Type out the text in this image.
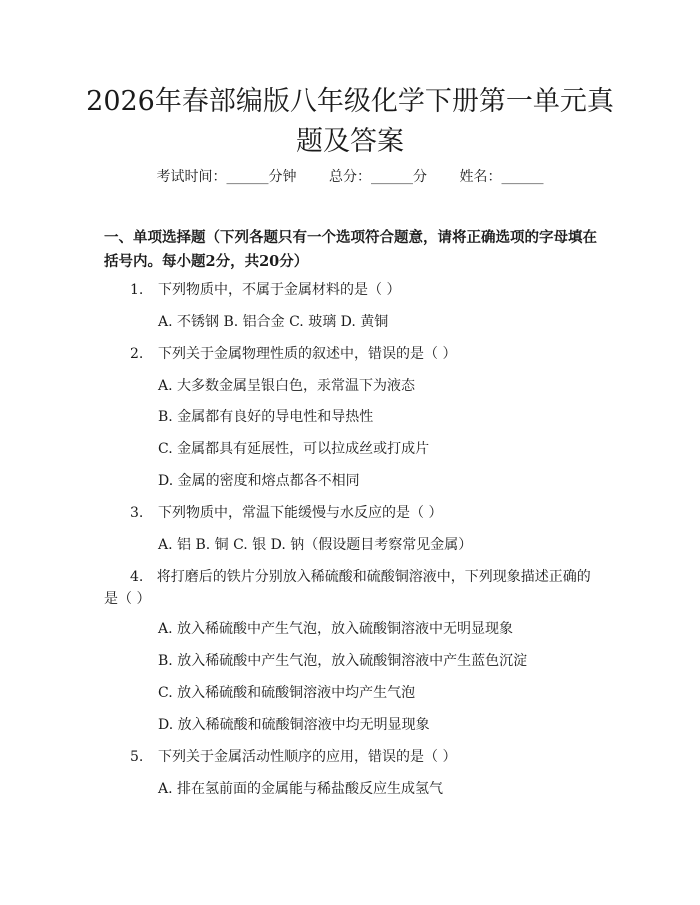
2026年春部编版八年级化学下册第一单元真题及答案
考试时间：______分钟 总分：______分 姓名：______

一、单项选择题（下列各题只有一个选项符合题意，请将正确选项的字母填在括号内。每小题2分，共20分）

1. 下列物质中，不属于金属材料的是（ ）
A. 不锈钢 B. 铝合金 C. 玻璃 D. 黄铜
2. 下列关于金属物理性质的叙述中，错误的是（ ）
A. 大多数金属呈银白色，汞常温下为液态
B. 金属都有良好的导电性和导热性
C. 金属都具有延展性，可以拉成丝或打成片
D. 金属的密度和熔点都各不相同
3. 下列物质中，常温下能缓慢与水反应的是（ ）
A. 铝 B. 铜 C. 银 D. 钠（假设题目考察常见金属）
4. 将打磨后的铁片分别放入稀硫酸和硫酸铜溶液中，下列现象描述正确的是（ ）
A. 放入稀硫酸中产生气泡，放入硫酸铜溶液中无明显现象
B. 放入稀硫酸中产生气泡，放入硫酸铜溶液中产生蓝色沉淀
C. 放入稀硫酸和硫酸铜溶液中均产生气泡
D. 放入稀硫酸和硫酸铜溶液中均无明显现象
5. 下列关于金属活动性顺序的应用，错误的是（ ）
A. 排在氢前面的金属能与稀盐酸反应生成氢气
